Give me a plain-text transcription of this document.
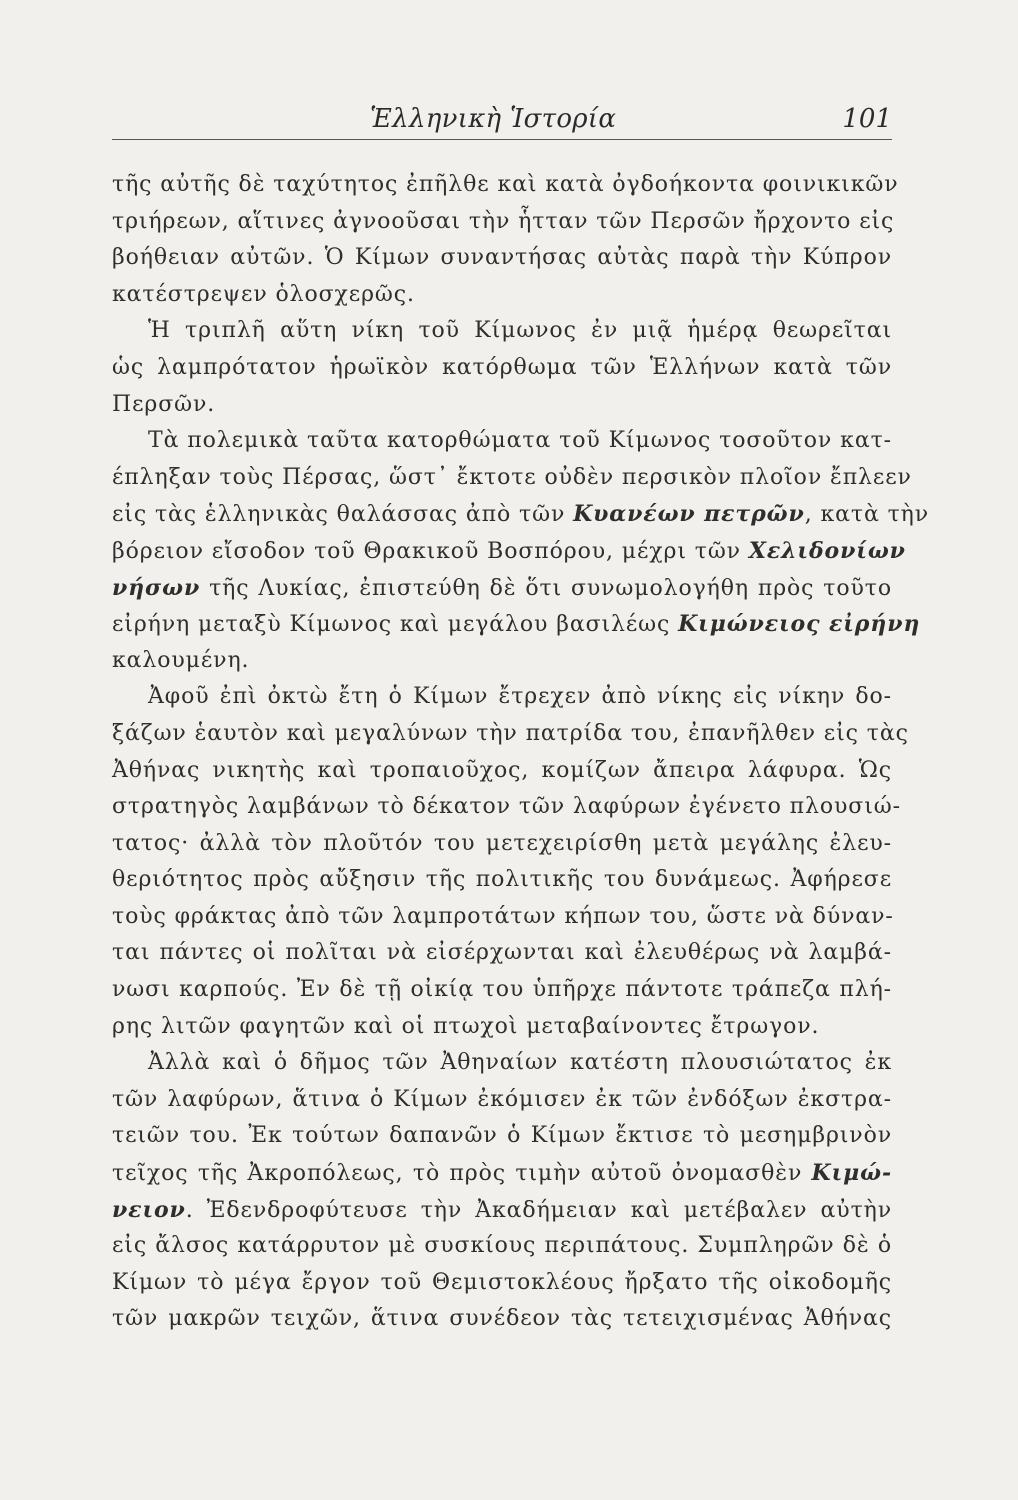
Ἑλληνικὴ Ἱστορία	101
τῆς αὐτῆς δὲ ταχύτητος ἐπῆλθε καὶ κατὰ ὀγδοήκοντα φοινικικῶν
τριήρεων, αἵτινες ἀγνοοῦσαι τὴν ἧτταν τῶν Περσῶν ἤρχοντο εἰς
βοήθειαν αὐτῶν. Ὁ Κίμων συναντήσας αὐτὰς παρὰ τὴν Κύπρον
κατέστρεψεν ὁλοσχερῶς.
Ἡ τριπλῆ αὕτη νίκη τοῦ Κίμωνος ἐν μιᾷ ἡμέρᾳ θεωρεῖται
ὡς λαμπρότατον ἡρωϊκὸν κατόρθωμα τῶν Ἑλλήνων κατὰ τῶν
Περσῶν.
Τὰ πολεμικὰ ταῦτα κατορθώματα τοῦ Κίμωνος τοσοῦτον κατ-
έπληξαν τοὺς Πέρσας, ὥστ᾽ ἔκτοτε οὐδὲν περσικὸν πλοῖον ἔπλεεν
εἰς τὰς ἑλληνικὰς θαλάσσας ἀπὸ τῶν Κυανέων πετρῶν, κατὰ τὴν
βόρειον εἴσοδον τοῦ Θρακικοῦ Βοσπόρου, μέχρι τῶν Χελιδονίων
νήσων τῆς Λυκίας, ἐπιστεύθη δὲ ὅτι συνωμολογήθη πρὸς τοῦτο
εἰρήνη μεταξὺ Κίμωνος καὶ μεγάλου βασιλέως Κιμώνειος εἰρήνη
καλουμένη.
Ἀφοῦ ἐπὶ ὀκτὼ ἔτη ὁ Κίμων ἔτρεχεν ἀπὸ νίκης εἰς νίκην δο-
ξάζων ἑαυτὸν καὶ μεγαλύνων τὴν πατρίδα του, ἐπανῆλθεν εἰς τὰς
Ἀθήνας νικητὴς καὶ τροπαιοῦχος, κομίζων ἄπειρα λάφυρα. Ὡς
στρατηγὸς λαμβάνων τὸ δέκατον τῶν λαφύρων ἐγένετο πλουσιώ-
τατος· ἀλλὰ τὸν πλοῦτόν του μετεχειρίσθη μετὰ μεγάλης ἐλευ-
θεριότητος πρὸς αὔξησιν τῆς πολιτικῆς του δυνάμεως. Ἀφήρεσε
τοὺς φράκτας ἀπὸ τῶν λαμπροτάτων κήπων του, ὥστε νὰ δύναν-
ται πάντες οἱ πολῖται νὰ εἰσέρχωνται καὶ ἐλευθέρως νὰ λαμβά-
νωσι καρπούς. Ἐν δὲ τῇ οἰκίᾳ του ὑπῆρχε πάντοτε τράπεζα πλή-
ρης λιτῶν φαγητῶν καὶ οἱ πτωχοὶ μεταβαίνοντες ἔτρωγον.
Ἀλλὰ καὶ ὁ δῆμος τῶν Ἀθηναίων κατέστη πλουσιώτατος ἐκ
τῶν λαφύρων, ἅτινα ὁ Κίμων ἐκόμισεν ἐκ τῶν ἐνδόξων ἐκστρα-
τειῶν του. Ἐκ τούτων δαπανῶν ὁ Κίμων ἔκτισε τὸ μεσημβρινὸν
τεῖχος τῆς Ἀκροπόλεως, τὸ πρὸς τιμὴν αὐτοῦ ὀνομασθὲν Κιμώ-
νειον. Ἐδενδροφύτευσε τὴν Ἀκαδήμειαν καὶ μετέβαλεν αὐτὴν
εἰς ἄλσος κατάρρυτον μὲ συσκίους περιπάτους. Συμπληρῶν δὲ ὁ
Κίμων τὸ μέγα ἔργον τοῦ Θεμιστοκλέους ἤρξατο τῆς οἰκοδομῆς
τῶν μακρῶν τειχῶν, ἅτινα συνέδεον τὰς τετειχισμένας Ἀθήνας
